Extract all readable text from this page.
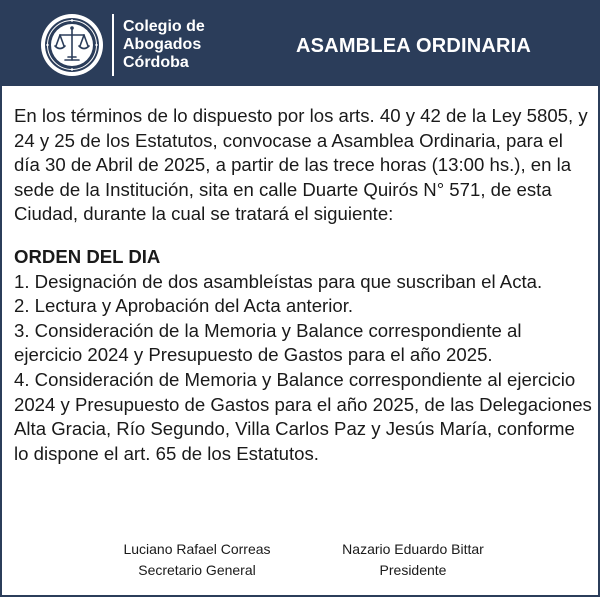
Colegio de
Abogados
Córdoba
ASAMBLEA ORDINARIA

En los términos de lo dispuesto por los arts. 40 y 42 de la Ley 5805, y 24 y 25 de los Estatutos, convocase a Asamblea Ordinaria, para el día 30 de Abril de 2025, a partir de las trece horas (13:00 hs.), en la sede de la Institución, sita en calle Duarte Quirós N° 571, de esta Ciudad, durante la cual se tratará el siguiente:

ORDEN DEL DIA

1. Designación de dos asambleístas para que suscriban el Acta.

2. Lectura y Aprobación del Acta anterior.

3. Consideración de la Memoria y Balance correspondiente al ejercicio 2024 y Presupuesto de Gastos para el año 2025.

4. Consideración de Memoria y Balance correspondiente al ejercicio 2024 y Presupuesto de Gastos para el año 2025, de las Delegaciones Alta Gracia, Río Segundo, Villa Carlos Paz y Jesús María, conforme lo dispone el art. 65 de los Estatutos.

Luciano Rafael Correas
Secretario General
Nazario Eduardo Bittar
Presidente
